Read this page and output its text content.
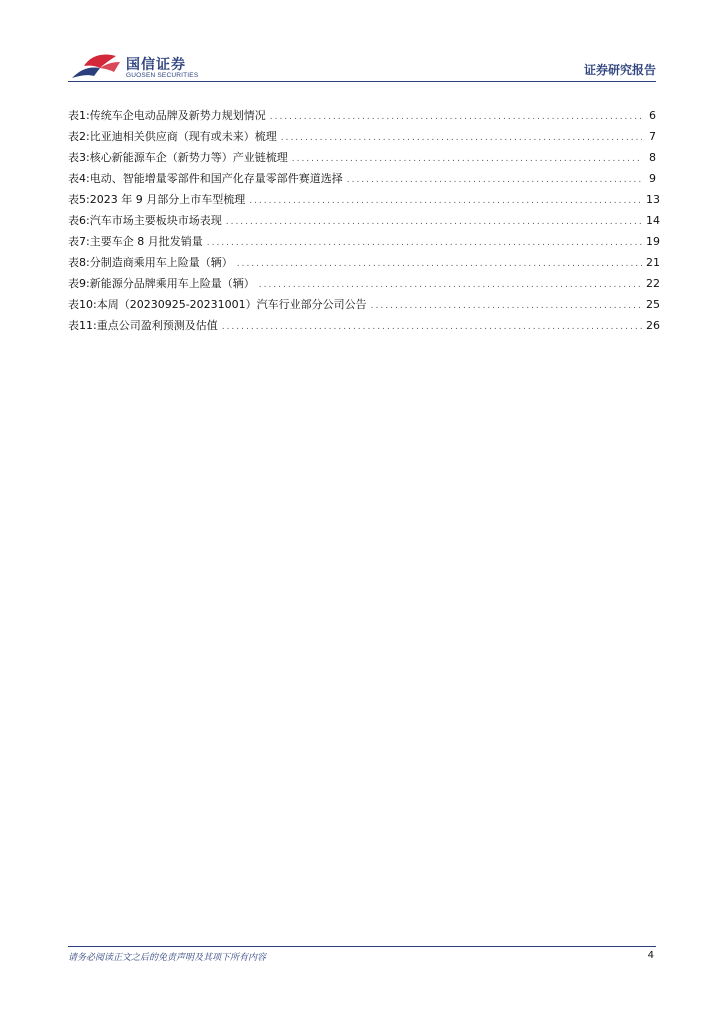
国信证券
GUOSEN SECURITIES	证券研究报告
表1: 传统车企电动品牌及新势力规划情况 .....	6
表2: 比亚迪相关供应商（现有或未来）梳理 .....	7
表3: 核心新能源车企（新势力等）产业链梳理 .....	8
表4: 电动、智能增量零部件和国产化存量零部件赛道选择 .....	9
表5: 2023 年 9 月部分上市车型梳理 .....	13
表6: 汽车市场主要板块市场表现 .....	14
表7: 主要车企 8 月批发销量 .....	19
表8: 分制造商乘用车上险量（辆） .....	21
表9: 新能源分品牌乘用车上险量（辆） .....	22
表10: 本周（20230925-20231001）汽车行业部分公司公告 .....	25
表11: 重点公司盈利预测及估值 .....	26
请务必阅读正文之后的免责声明及其项下所有内容	4
